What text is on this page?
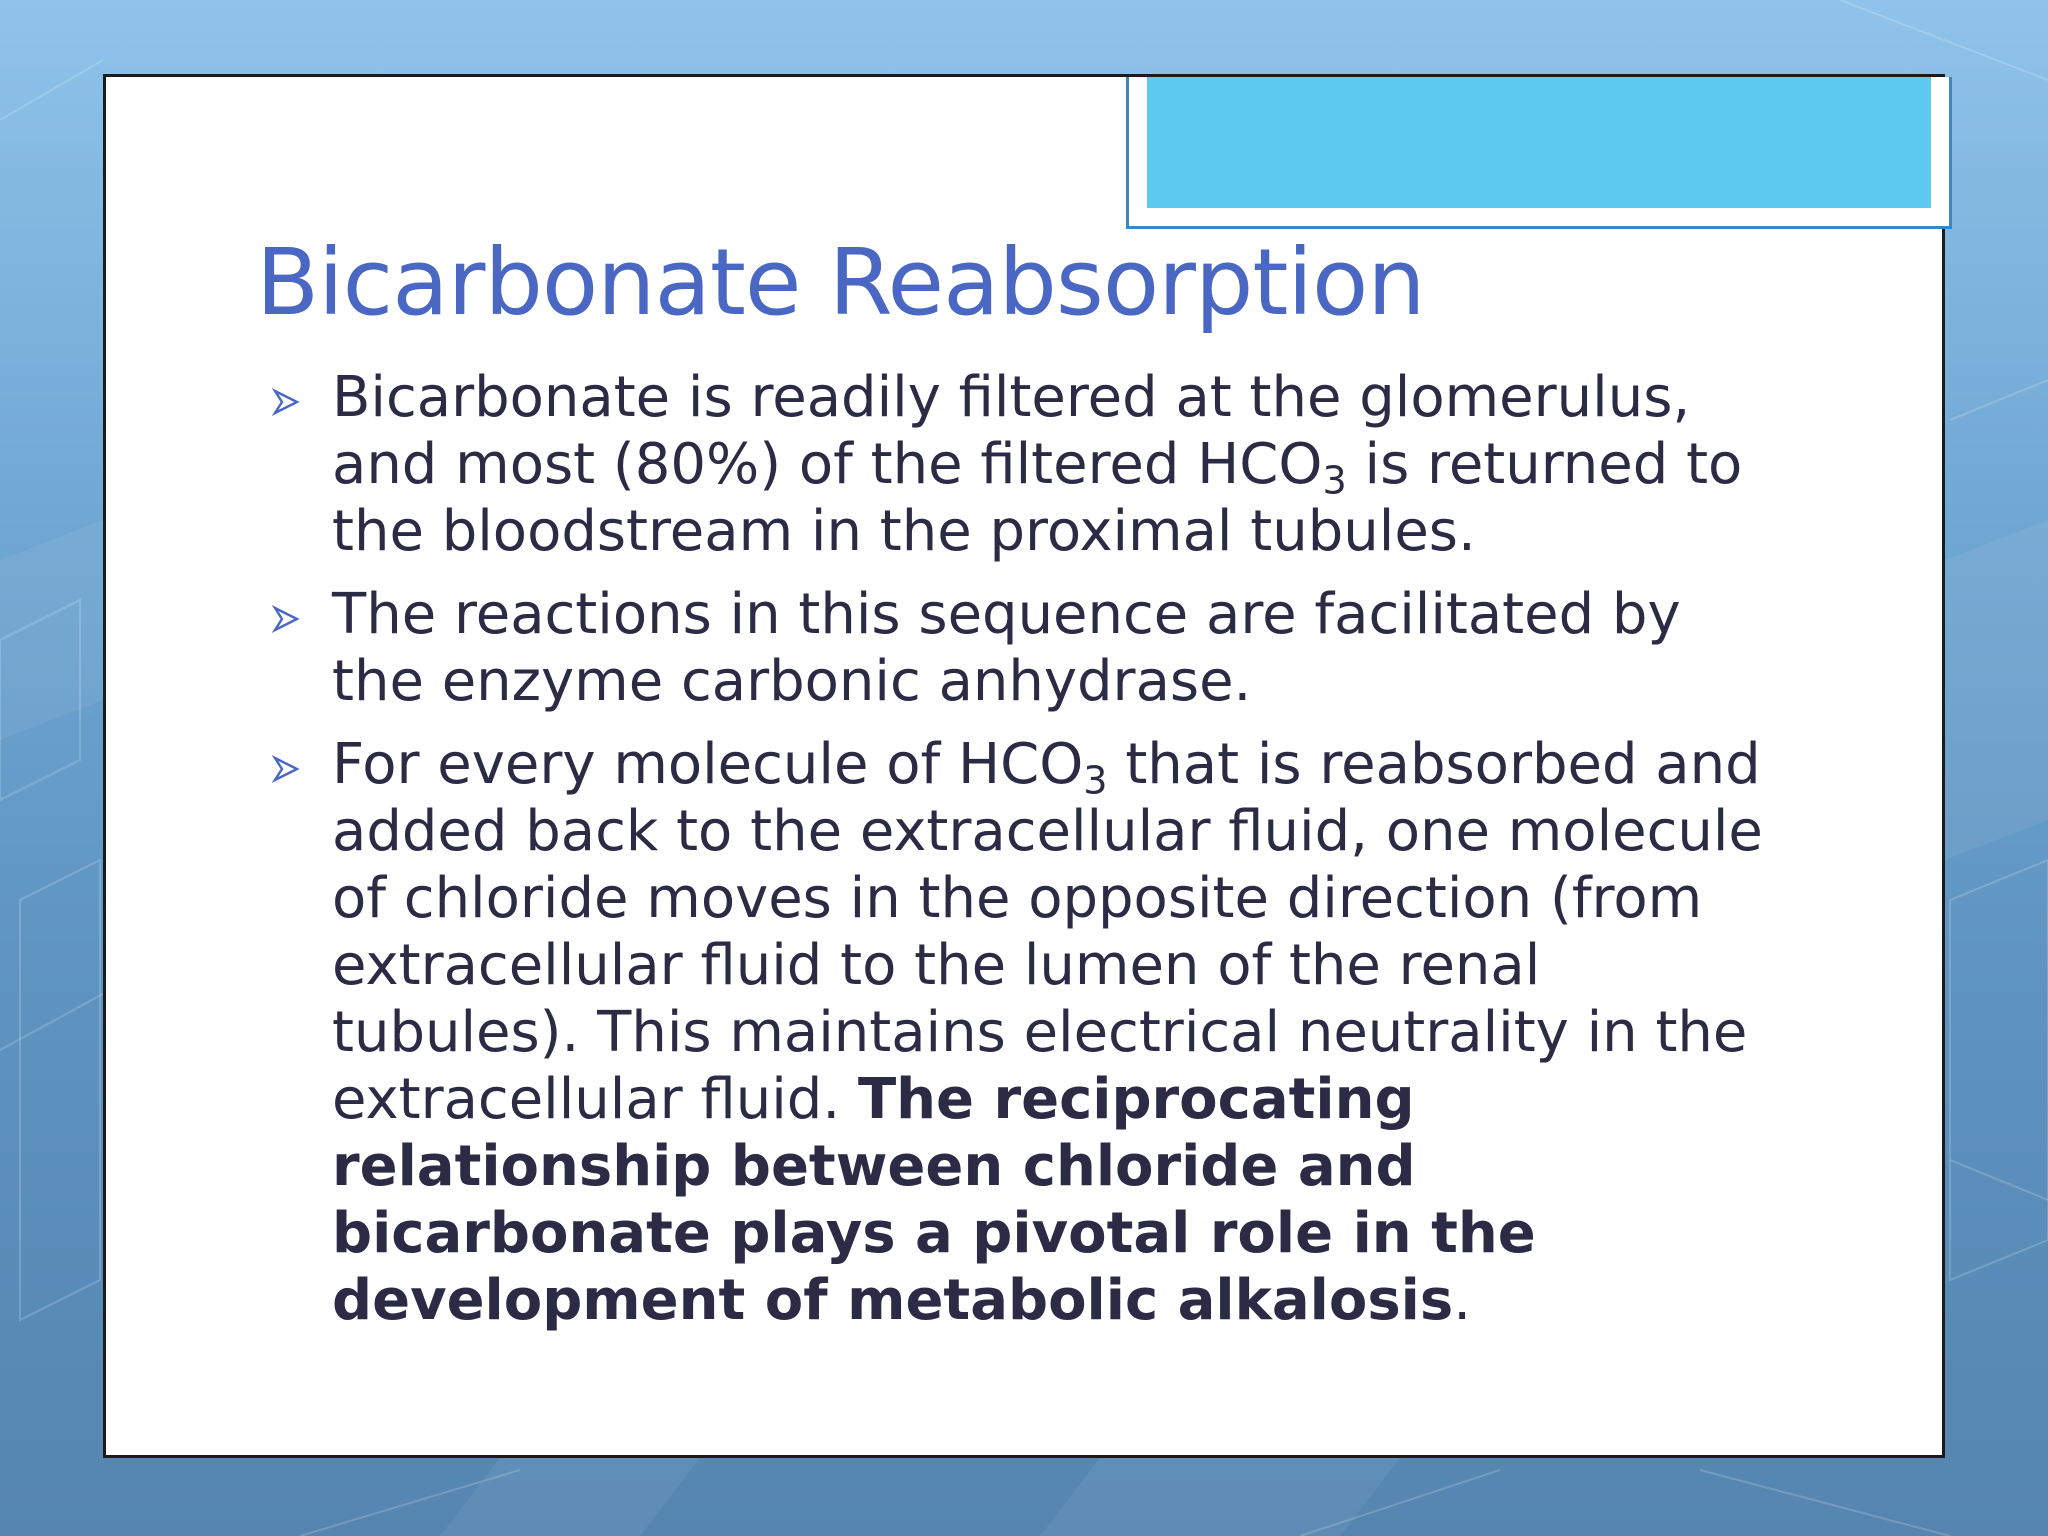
Bicarbonate Reabsorption
Bicarbonate is readily filtered at the glomerulus, and most (80%) of the filtered $HCO_3$ is returned to the bloodstream in the proximal tubules.
The reactions in this sequence are facilitated by the enzyme carbonic anhydrase.
For every molecule of $HCO_3$ that is reabsorbed and added back to the extracellular fluid, one molecule of chloride moves in the opposite direction (from extracellular fluid to the lumen of the renal tubules). This maintains electrical neutrality in the extracellular fluid. The reciprocating relationship between chloride and bicarbonate plays a pivotal role in the development of metabolic alkalosis.
